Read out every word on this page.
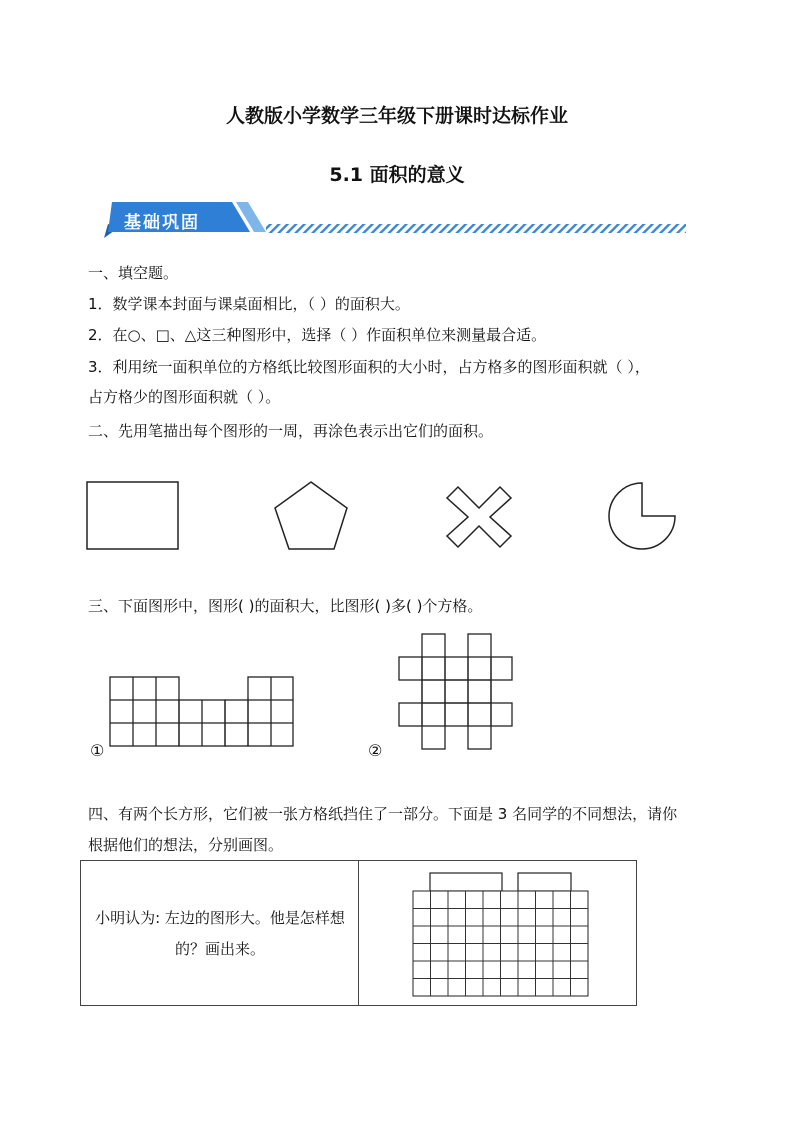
人教版小学数学三年级下册课时达标作业
5.1 面积的意义
基础巩固
一、填空题。
1．数学课本封面与课桌面相比，（ ）的面积大。
2．在○、□、△这三种图形中，选择（ ）作面积单位来测量最合适。
3．利用统一面积单位的方格纸比较图形面积的大小时，占方格多的图形面积就（ ），
占方格少的图形面积就（ ）。
二、先用笔描出每个图形的一周，再涂色表示出它们的面积。
三、下面图形中，图形( )的面积大，比图形( )多( )个方格。
①	②
四、有两个长方形，它们被一张方格纸挡住了一部分。下面是 3 名同学的不同想法，请你
根据他们的想法，分别画图。
小明认为: 左边的图形大。他是怎样想
的？画出来。
